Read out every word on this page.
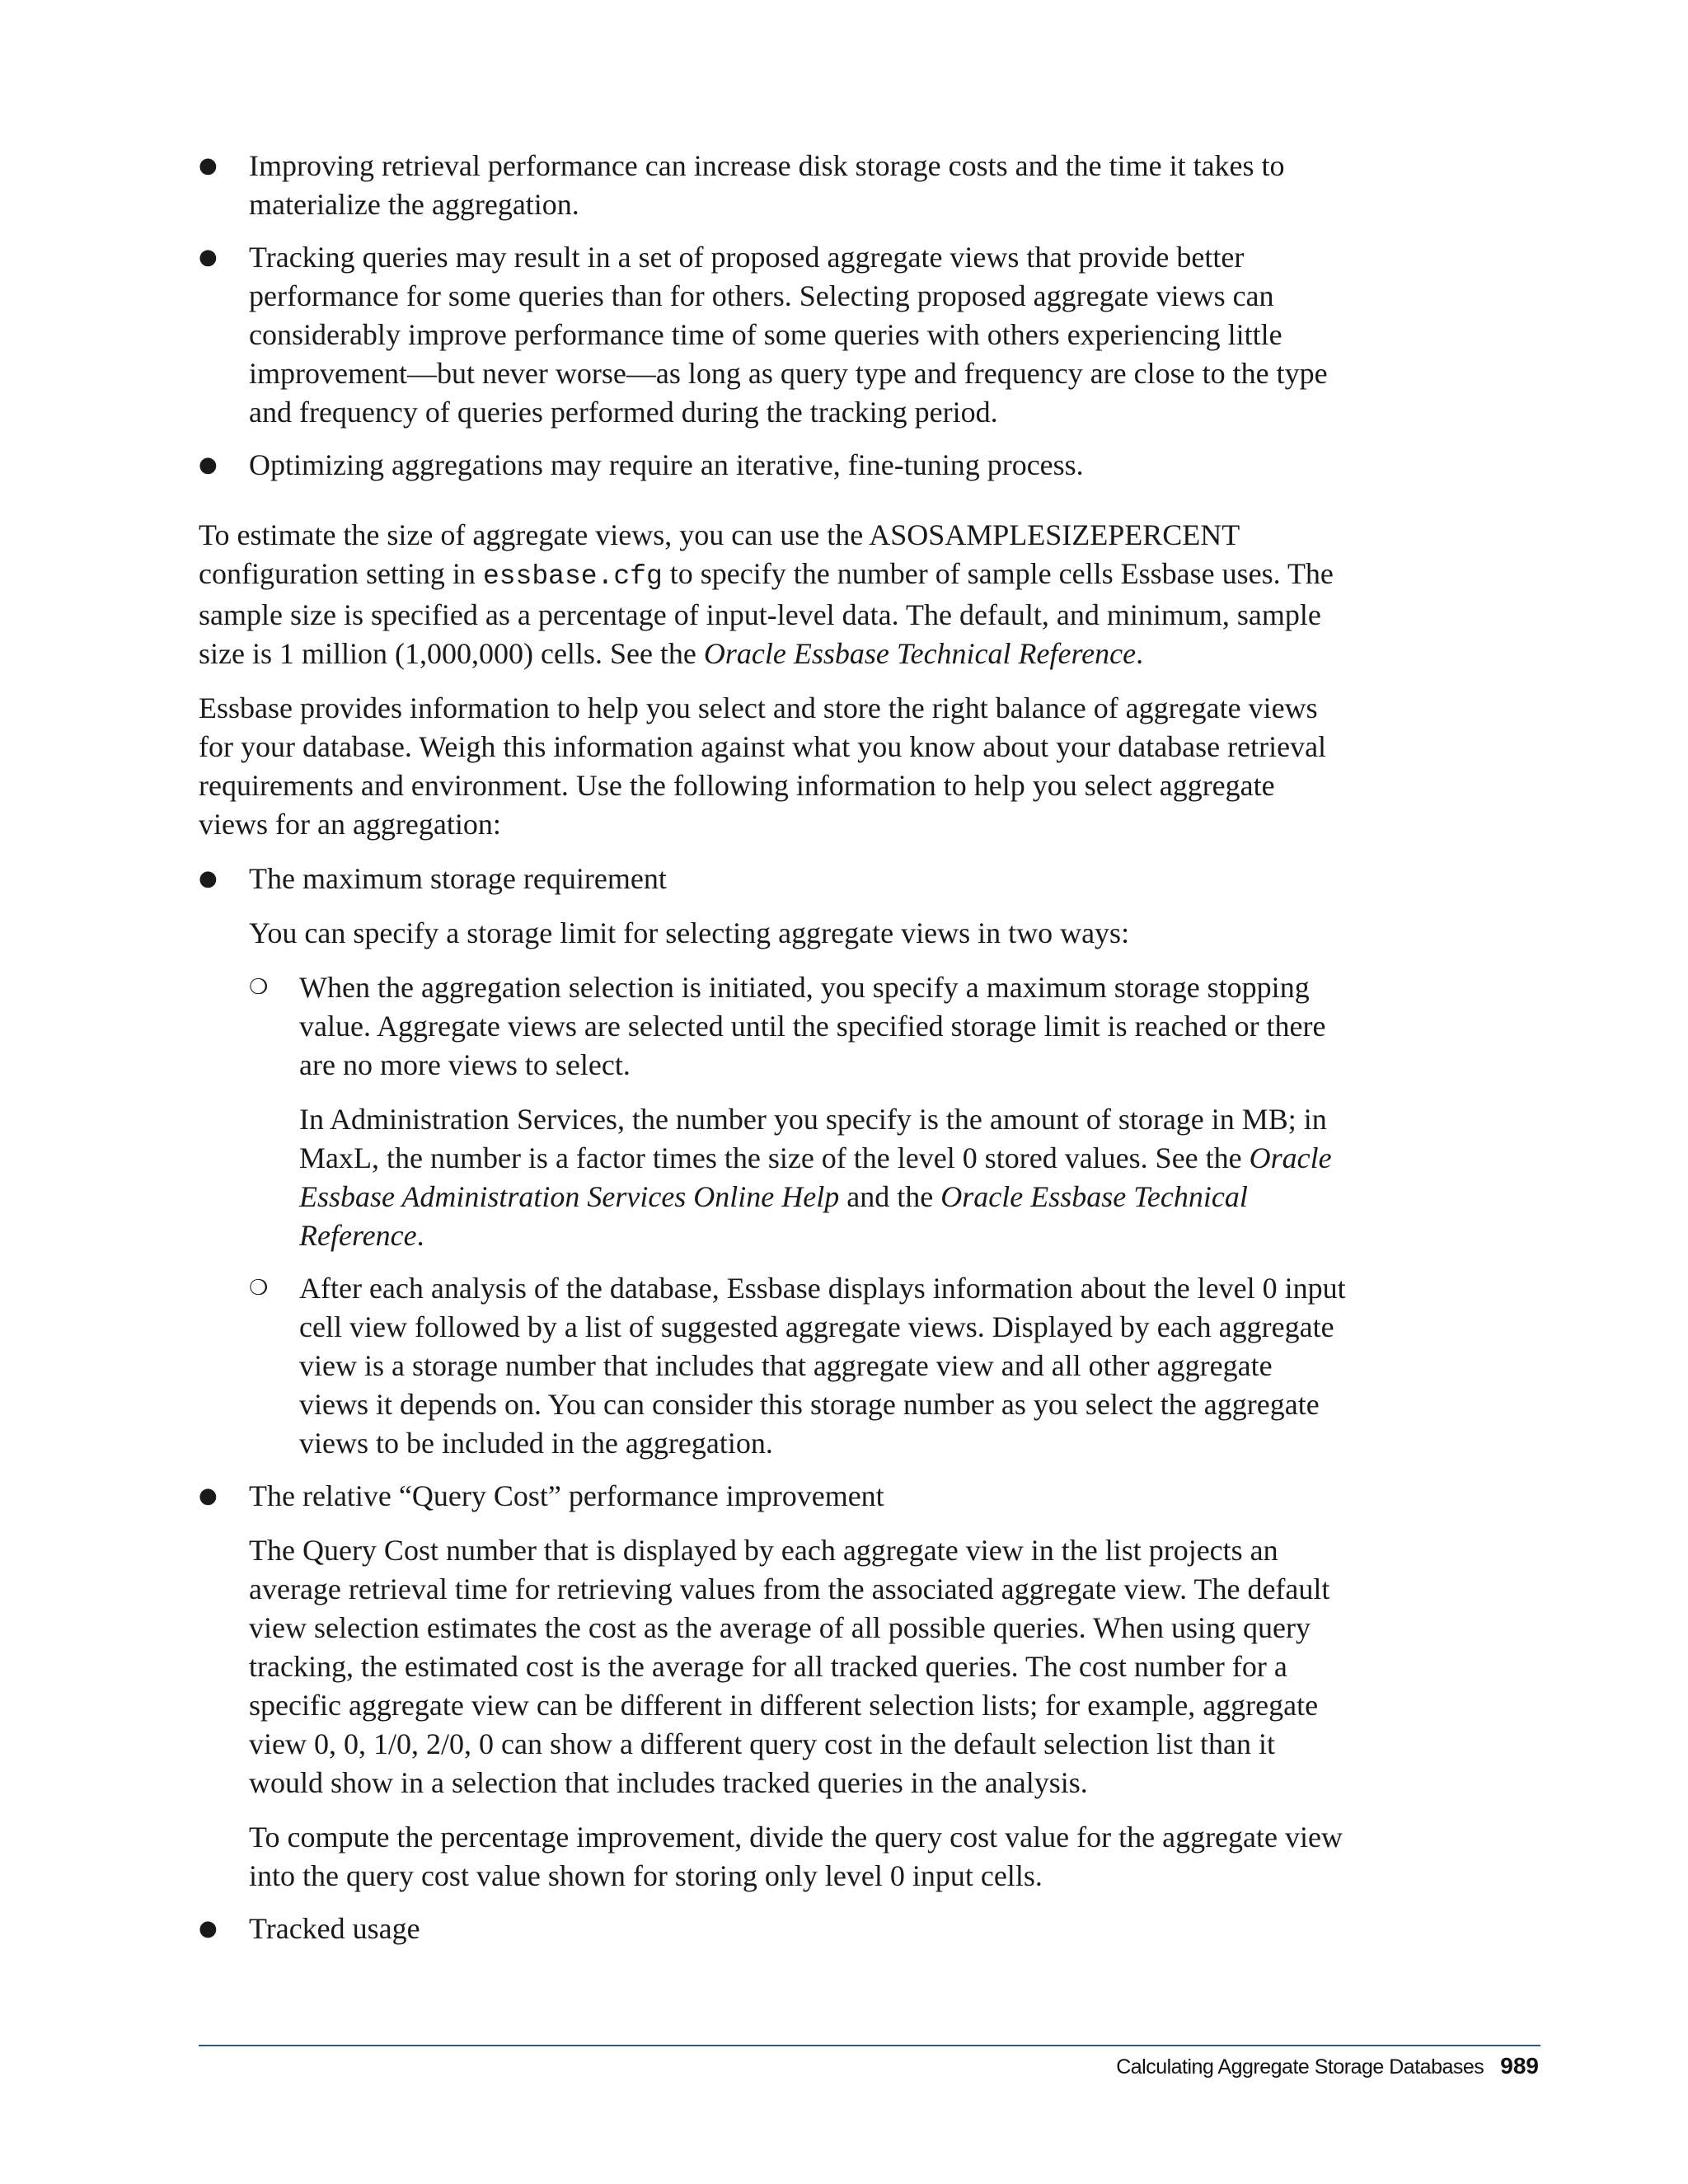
● Improving retrieval performance can increase disk storage costs and the time it takes to materialize the aggregation.

● Tracking queries may result in a set of proposed aggregate views that provide better performance for some queries than for others. Selecting proposed aggregate views can considerably improve performance time of some queries with others experiencing little improvement—but never worse—as long as query type and frequency are close to the type and frequency of queries performed during the tracking period.

● Optimizing aggregations may require an iterative, fine-tuning process.

To estimate the size of aggregate views, you can use the ASOSAMPLESIZEPERCENT configuration setting in essbase.cfg to specify the number of sample cells Essbase uses. The sample size is specified as a percentage of input-level data. The default, and minimum, sample size is 1 million (1,000,000) cells. See the Oracle Essbase Technical Reference.

Essbase provides information to help you select and store the right balance of aggregate views for your database. Weigh this information against what you know about your database retrieval requirements and environment. Use the following information to help you select aggregate views for an aggregation:

● The maximum storage requirement

You can specify a storage limit for selecting aggregate views in two ways:

❍ When the aggregation selection is initiated, you specify a maximum storage stopping value. Aggregate views are selected until the specified storage limit is reached or there are no more views to select.

In Administration Services, the number you specify is the amount of storage in MB; in MaxL, the number is a factor times the size of the level 0 stored values. See the Oracle Essbase Administration Services Online Help and the Oracle Essbase Technical Reference.

❍ After each analysis of the database, Essbase displays information about the level 0 input cell view followed by a list of suggested aggregate views. Displayed by each aggregate view is a storage number that includes that aggregate view and all other aggregate views it depends on. You can consider this storage number as you select the aggregate views to be included in the aggregation.

● The relative “Query Cost” performance improvement

The Query Cost number that is displayed by each aggregate view in the list projects an average retrieval time for retrieving values from the associated aggregate view. The default view selection estimates the cost as the average of all possible queries. When using query tracking, the estimated cost is the average for all tracked queries. The cost number for a specific aggregate view can be different in different selection lists; for example, aggregate view 0, 0, 1/0, 2/0, 0 can show a different query cost in the default selection list than it would show in a selection that includes tracked queries in the analysis.

To compute the percentage improvement, divide the query cost value for the aggregate view into the query cost value shown for storing only level 0 input cells.

● Tracked usage

Calculating Aggregate Storage Databases 989
